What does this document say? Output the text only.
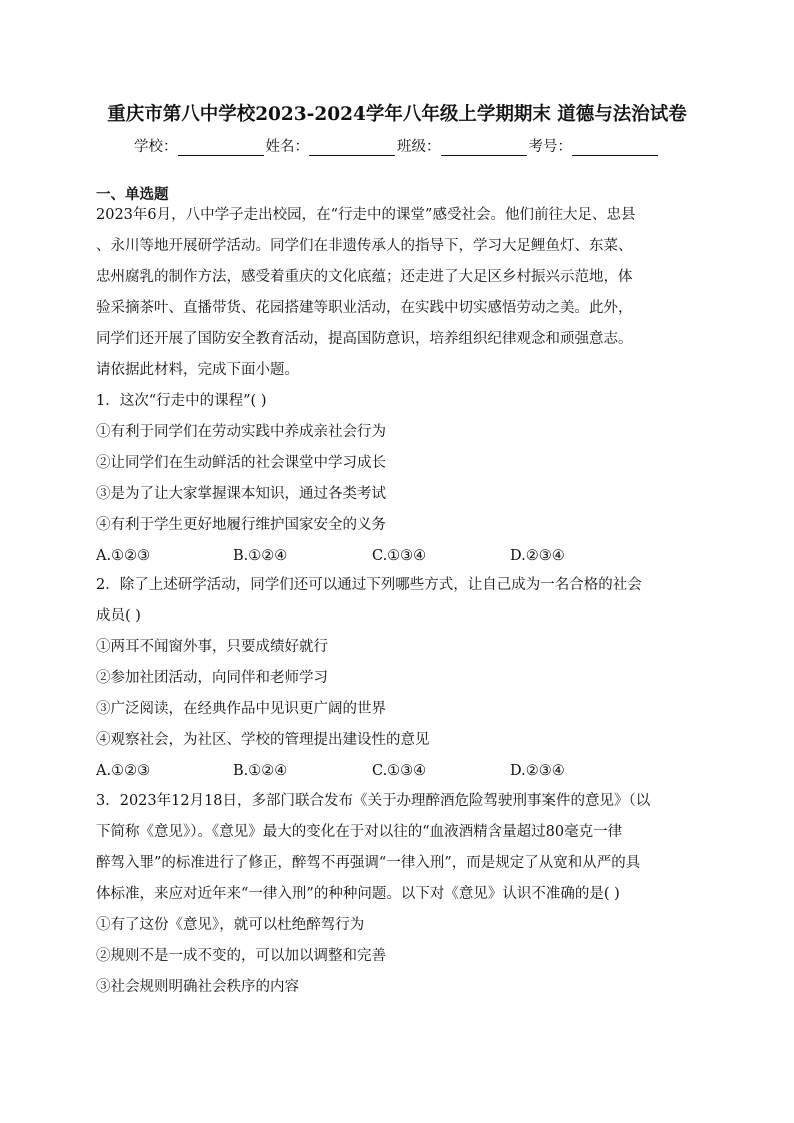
重庆市第八中学校2023-2024学年八年级上学期期末 道德与法治试卷
学校：	姓名：	班级：	考号：
一、单选题
2023年6月，八中学子走出校园，在“行走中的课堂”感受社会。他们前往大足、忠县
、永川等地开展研学活动。同学们在非遗传承人的指导下，学习大足鲤鱼灯、东菜、
忠州腐乳的制作方法，感受着重庆的文化底蕴；还走进了大足区乡村振兴示范地，体
验采摘茶叶、直播带货、花园搭建等职业活动，在实践中切实感悟劳动之美。此外，
同学们还开展了国防安全教育活动，提高国防意识，培养组织纪律观念和顽强意志。
请依据此材料，完成下面小题。
1．这次“行走中的课程”( )
①有利于同学们在劳动实践中养成亲社会行为
②让同学们在生动鲜活的社会课堂中学习成长
③是为了让大家掌握课本知识，通过各类考试
④有利于学生更好地履行维护国家安全的义务
A.①②③	B.①②④	C.①③④	D.②③④
2．除了上述研学活动，同学们还可以通过下列哪些方式，让自己成为一名合格的社会
成员( )
①两耳不闻窗外事，只要成绩好就行
②参加社团活动，向同伴和老师学习
③广泛阅读，在经典作品中见识更广阔的世界
④观察社会，为社区、学校的管理提出建设性的意见
A.①②③	B.①②④	C.①③④	D.②③④
3．2023年12月18日，多部门联合发布《关于办理醉酒危险驾驶刑事案件的意见》（以
下简称《意见》）。《意见》最大的变化在于对以往的“血液酒精含量超过80毫克一律
醉驾入罪”的标准进行了修正，醉驾不再强调“一律入刑”，而是规定了从宽和从严的具
体标准，来应对近年来“一律入刑”的种种问题。以下对《意见》认识不准确的是( )
①有了这份《意见》，就可以杜绝醉驾行为
②规则不是一成不变的，可以加以调整和完善
③社会规则明确社会秩序的内容
